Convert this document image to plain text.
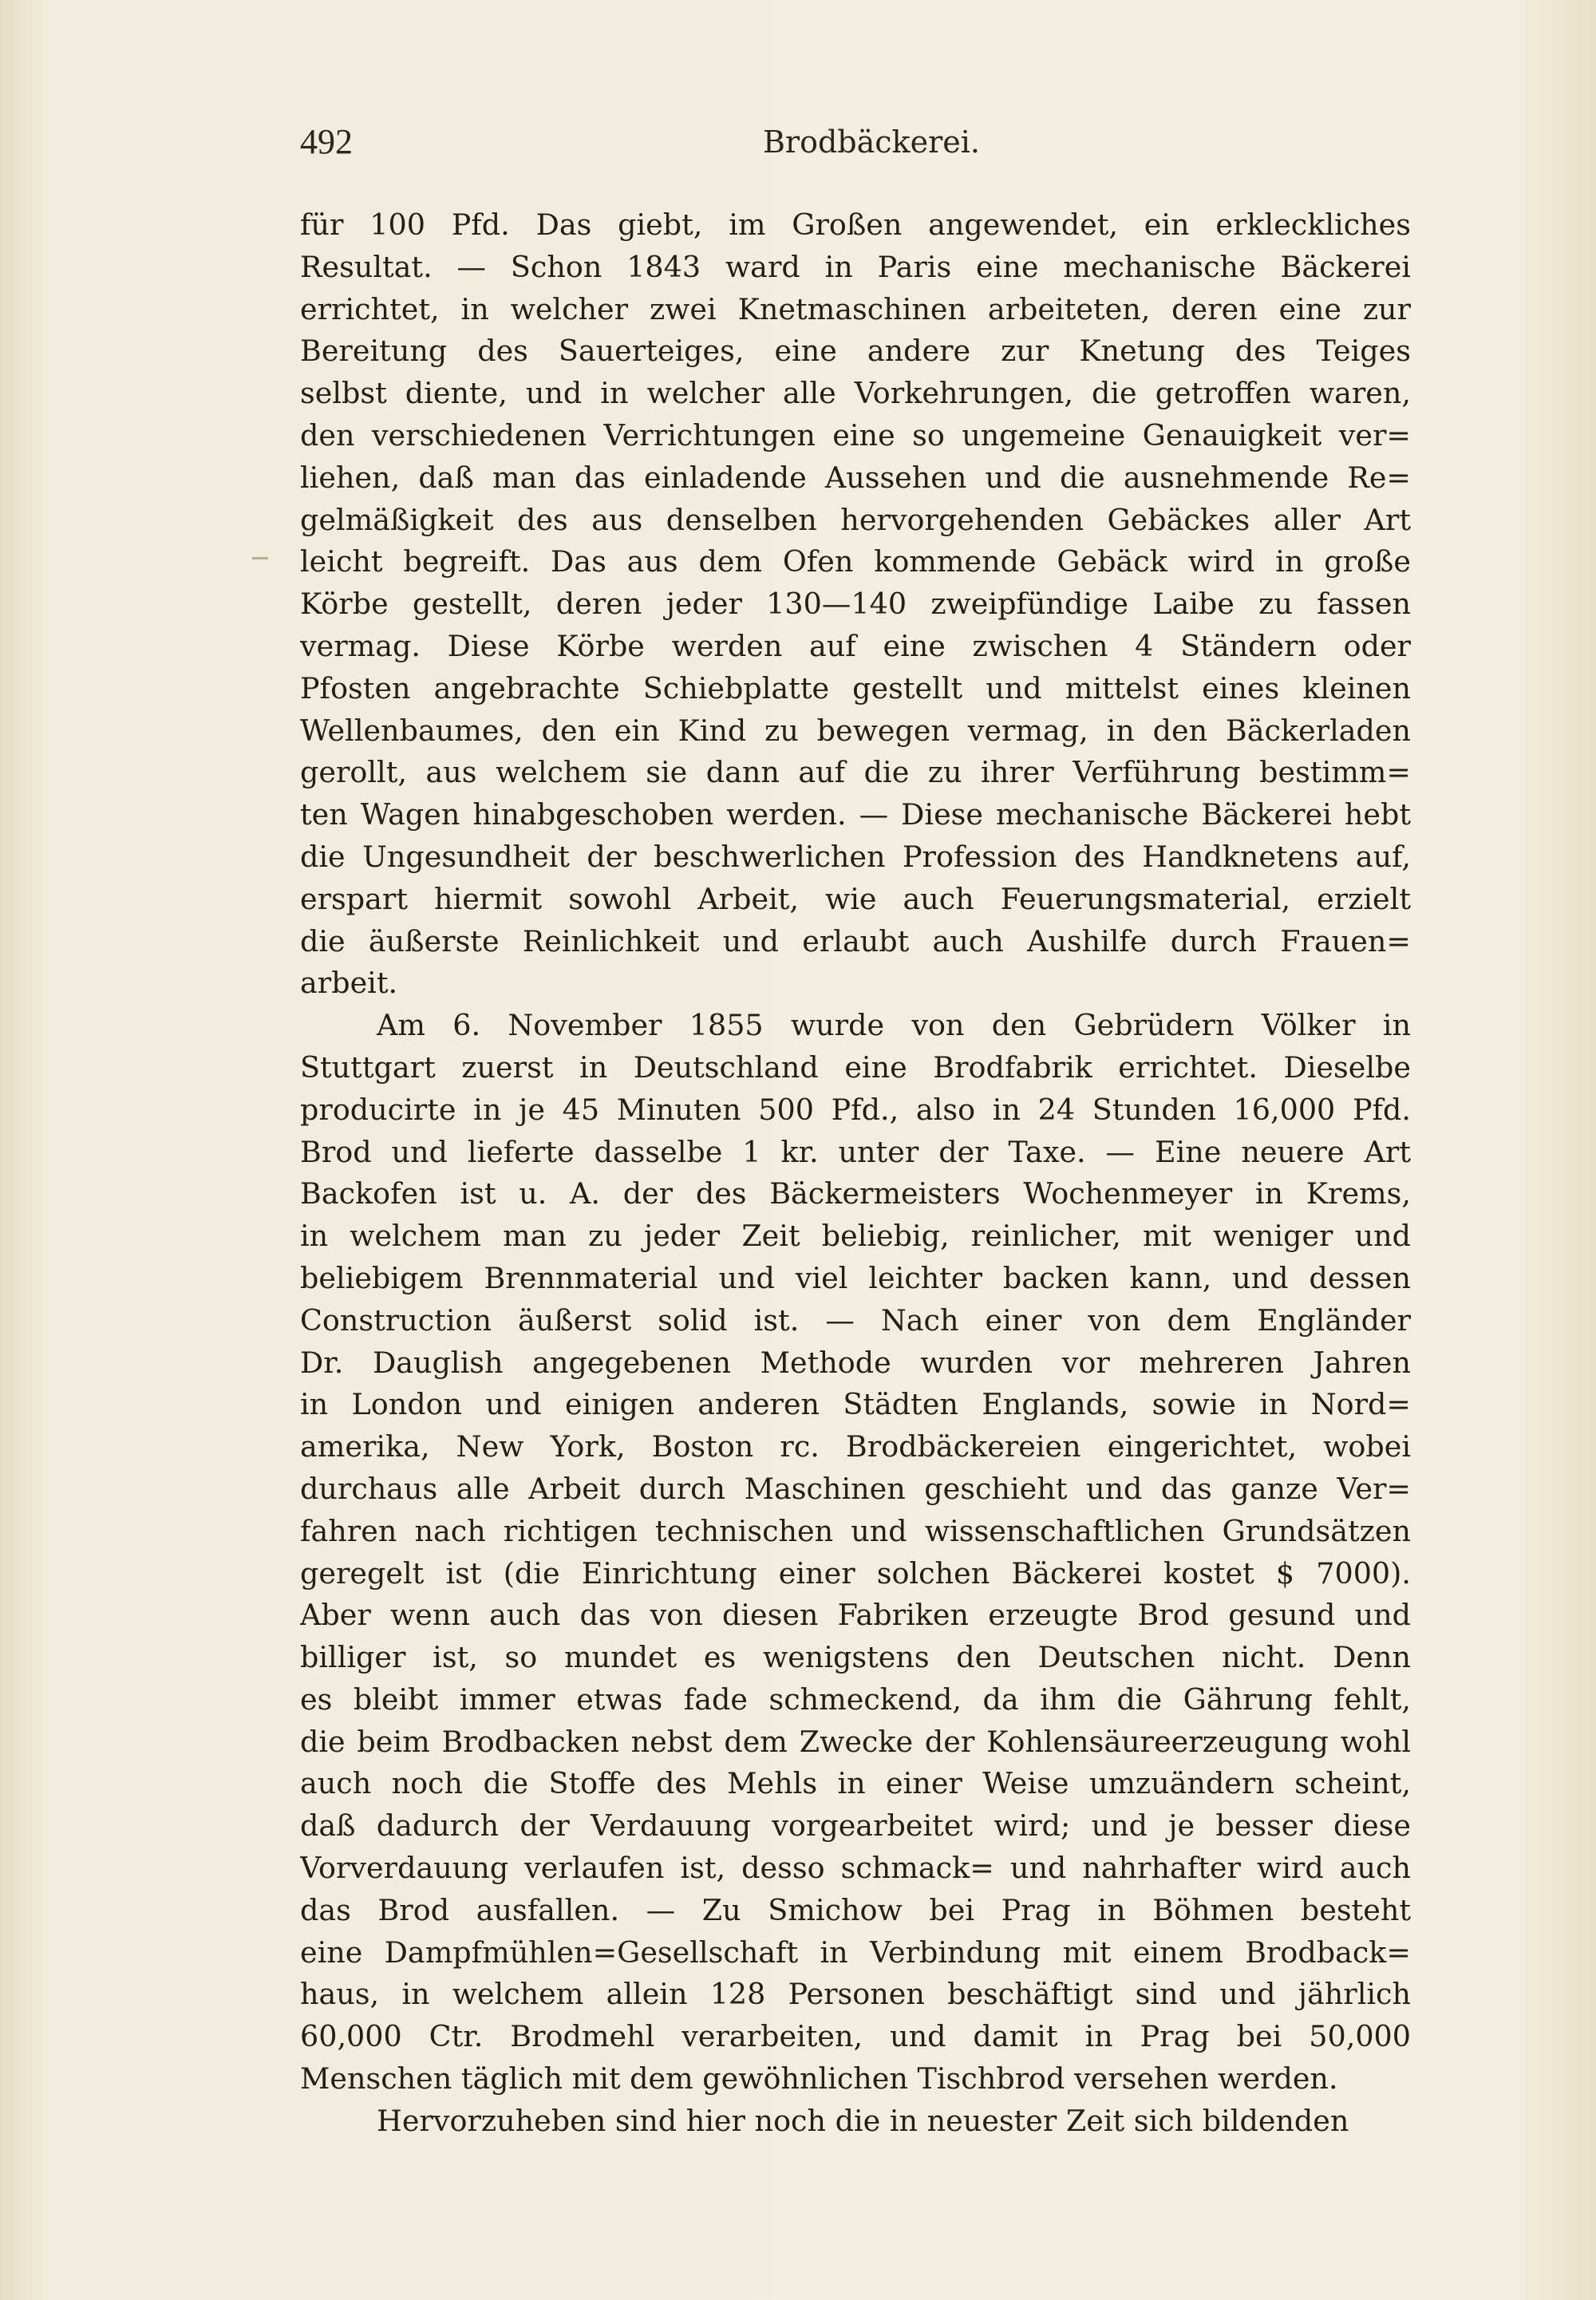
492	Brodbäckerei.
für 100 Pfd. Das giebt, im Großen angewendet, ein erkleckliches
Resultat. — Schon 1843 ward in Paris eine mechanische Bäckerei
errichtet, in welcher zwei Knetmaschinen arbeiteten, deren eine zur
Bereitung des Sauerteiges, eine andere zur Knetung des Teiges
selbst diente, und in welcher alle Vorkehrungen, die getroffen waren,
den verschiedenen Verrichtungen eine so ungemeine Genauigkeit ver=
liehen, daß man das einladende Aussehen und die ausnehmende Re=
gelmäßigkeit des aus denselben hervorgehenden Gebäckes aller Art
leicht begreift. Das aus dem Ofen kommende Gebäck wird in große
Körbe gestellt, deren jeder 130—140 zweipfündige Laibe zu fassen
vermag. Diese Körbe werden auf eine zwischen 4 Ständern oder
Pfosten angebrachte Schiebplatte gestellt und mittelst eines kleinen
Wellenbaumes, den ein Kind zu bewegen vermag, in den Bäckerladen
gerollt, aus welchem sie dann auf die zu ihrer Verführung bestimm=
ten Wagen hinabgeschoben werden. — Diese mechanische Bäckerei hebt
die Ungesundheit der beschwerlichen Profession des Handknetens auf,
erspart hiermit sowohl Arbeit, wie auch Feuerungsmaterial, erzielt
die äußerste Reinlichkeit und erlaubt auch Aushilfe durch Frauen=
arbeit.
Am 6. November 1855 wurde von den Gebrüdern Völker in
Stuttgart zuerst in Deutschland eine Brodfabrik errichtet. Dieselbe
producirte in je 45 Minuten 500 Pfd., also in 24 Stunden 16,000 Pfd.
Brod und lieferte dasselbe 1 kr. unter der Taxe. — Eine neuere Art
Backofen ist u. A. der des Bäckermeisters Wochenmeyer in Krems,
in welchem man zu jeder Zeit beliebig, reinlicher, mit weniger und
beliebigem Brennmaterial und viel leichter backen kann, und dessen
Construction äußerst solid ist. — Nach einer von dem Engländer
Dr. Dauglish angegebenen Methode wurden vor mehreren Jahren
in London und einigen anderen Städten Englands, sowie in Nord=
amerika, New York, Boston rc. Brodbäckereien eingerichtet, wobei
durchaus alle Arbeit durch Maschinen geschieht und das ganze Ver=
fahren nach richtigen technischen und wissenschaftlichen Grundsätzen
geregelt ist (die Einrichtung einer solchen Bäckerei kostet $ 7000).
Aber wenn auch das von diesen Fabriken erzeugte Brod gesund und
billiger ist, so mundet es wenigstens den Deutschen nicht. Denn
es bleibt immer etwas fade schmeckend, da ihm die Gährung fehlt,
die beim Brodbacken nebst dem Zwecke der Kohlensäureerzeugung wohl
auch noch die Stoffe des Mehls in einer Weise umzuändern scheint,
daß dadurch der Verdauung vorgearbeitet wird; und je besser diese
Vorverdauung verlaufen ist, desso schmack= und nahrhafter wird auch
das Brod ausfallen. — Zu Smichow bei Prag in Böhmen besteht
eine Dampfmühlen=Gesellschaft in Verbindung mit einem Brodback=
haus, in welchem allein 128 Personen beschäftigt sind und jährlich
60,000 Ctr. Brodmehl verarbeiten, und damit in Prag bei 50,000
Menschen täglich mit dem gewöhnlichen Tischbrod versehen werden.
Hervorzuheben sind hier noch die in neuester Zeit sich bildenden
